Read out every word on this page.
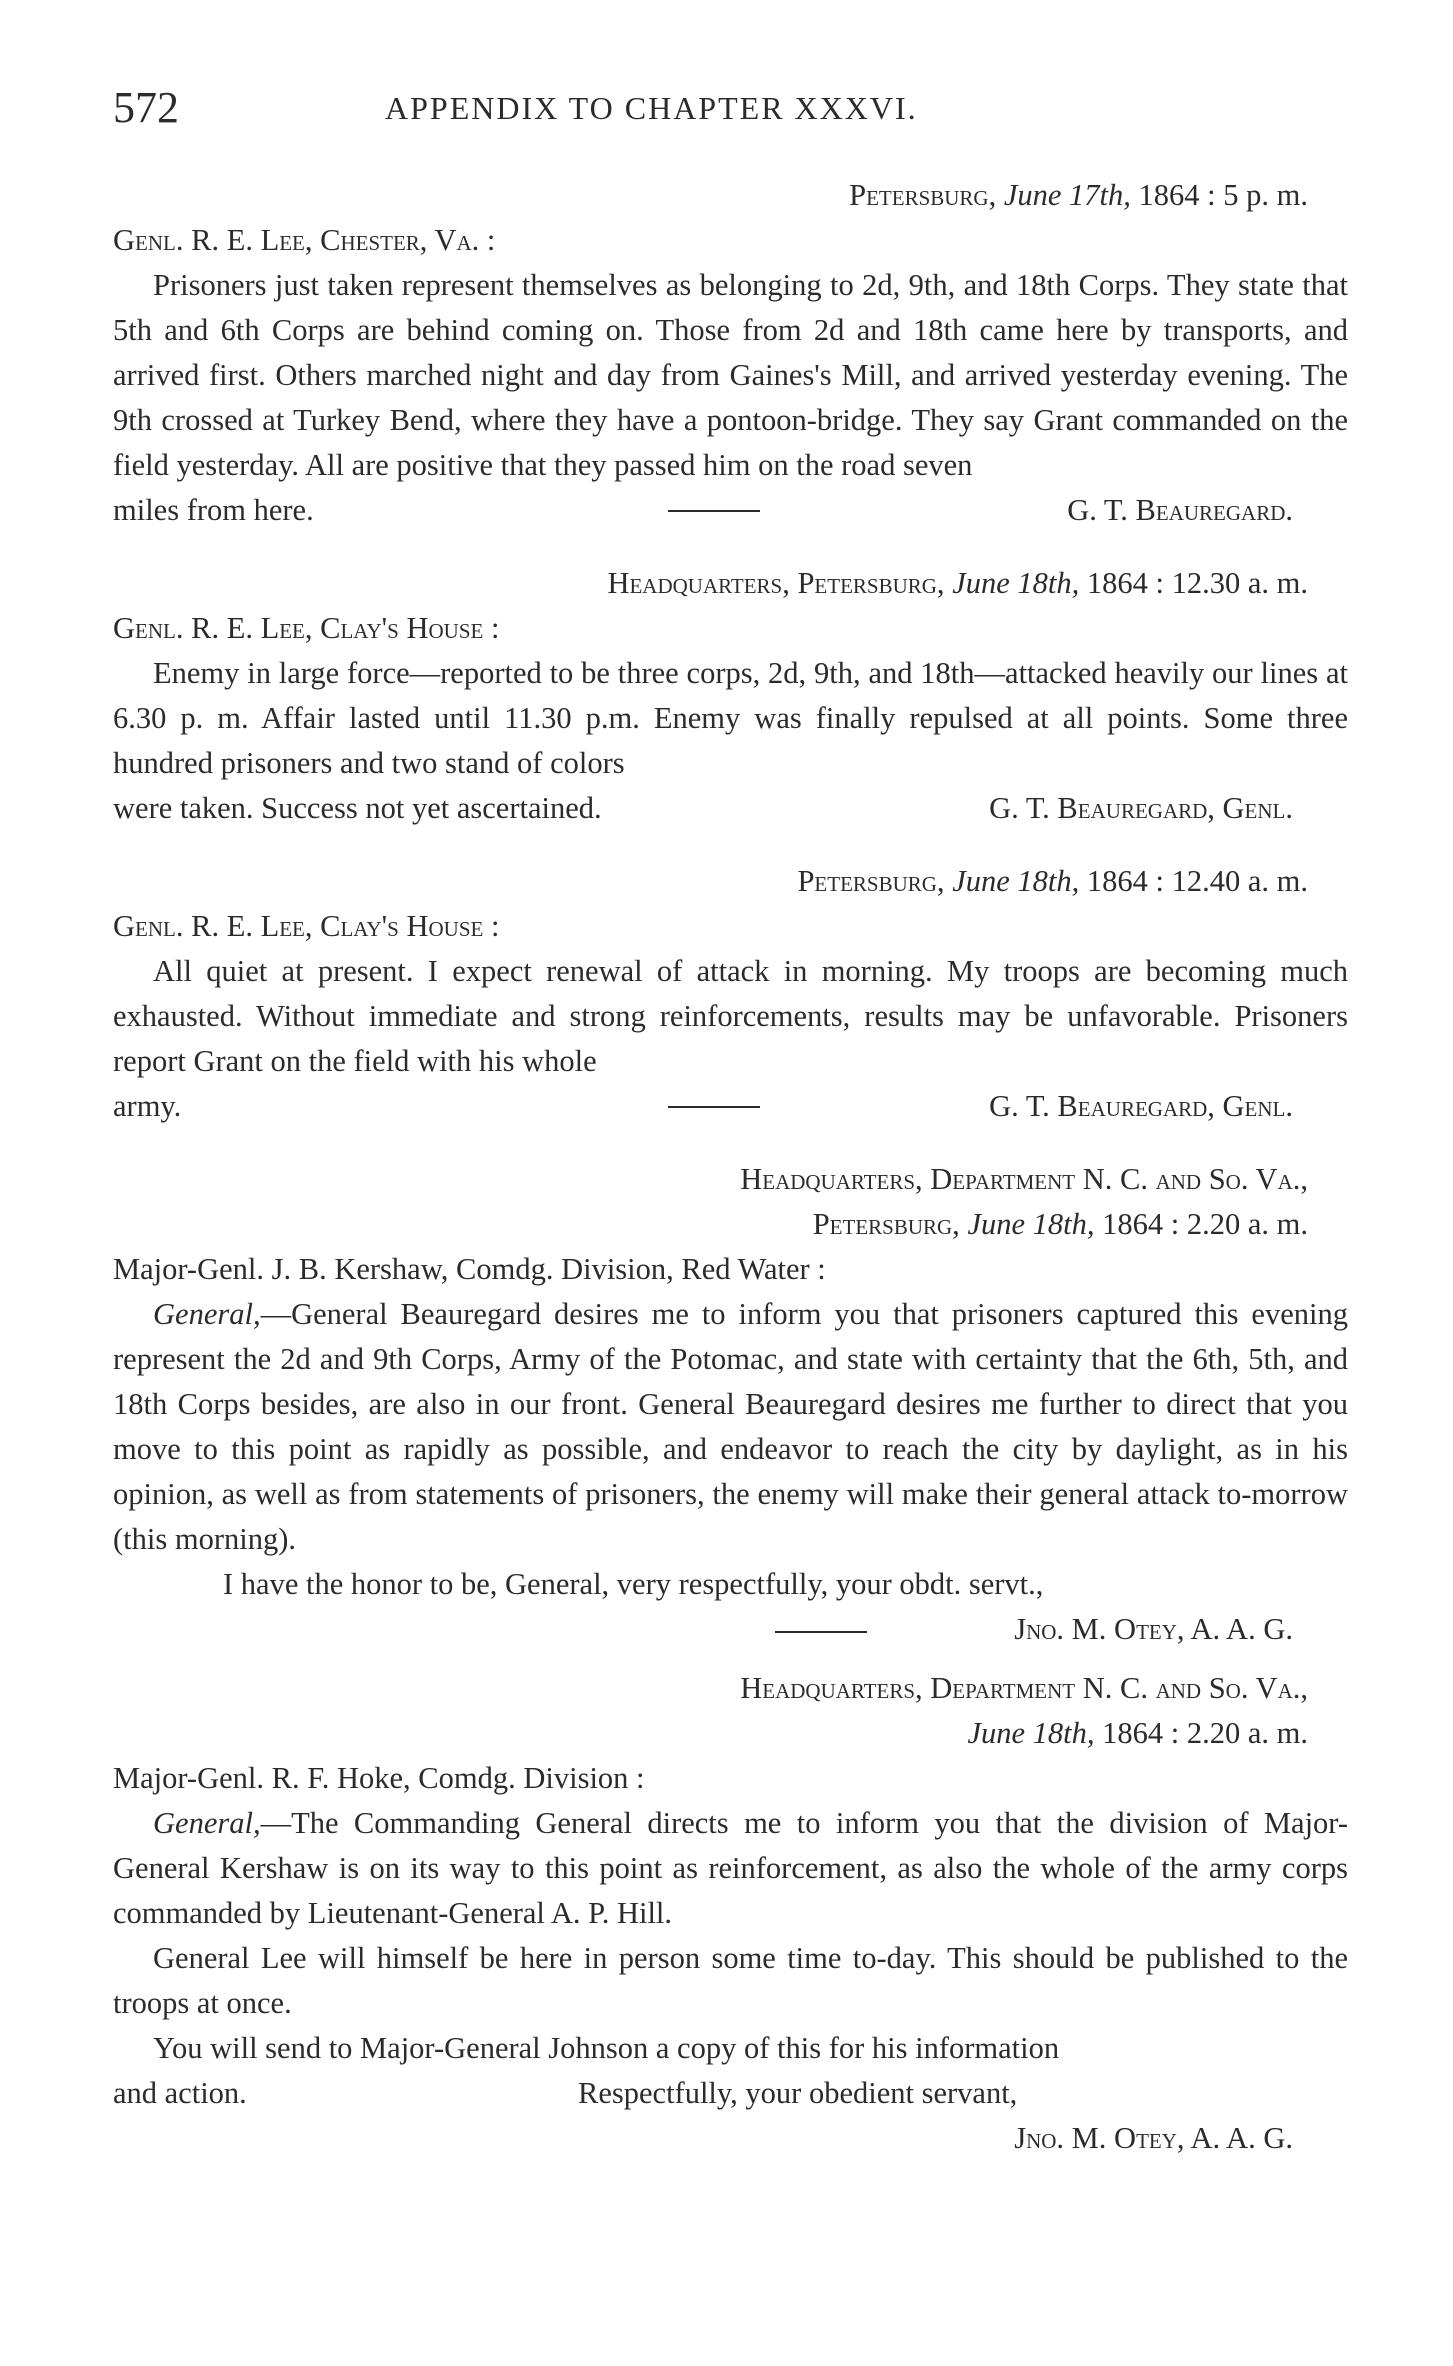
572	APPENDIX TO CHAPTER XXXVI.
Petersburg, June 17th, 1864 : 5 p. m.
Genl. R. E. Lee, Chester, Va. :
Prisoners just taken represent themselves as belonging to 2d, 9th, and 18th Corps. They state that 5th and 6th Corps are behind coming on. Those from 2d and 18th came here by transports, and arrived first. Others marched night and day from Gaines's Mill, and arrived yesterday evening. The 9th crossed at Turkey Bend, where they have a pontoon-bridge. They say Grant commanded on the field yesterday. All are positive that they passed him on the road seven
miles from here.	G. T. Beauregard.
Headquarters, Petersburg, June 18th, 1864 : 12.30 a. m.
Genl. R. E. Lee, Clay's House :
Enemy in large force—reported to be three corps, 2d, 9th, and 18th—attacked heavily our lines at 6.30 p. m. Affair lasted until 11.30 p.m. Enemy was finally repulsed at all points. Some three hundred prisoners and two stand of colors
were taken. Success not yet ascertained.	G. T. Beauregard, Genl.
Petersburg, June 18th, 1864 : 12.40 a. m.
Genl. R. E. Lee, Clay's House :
All quiet at present. I expect renewal of attack in morning. My troops are becoming much exhausted. Without immediate and strong reinforcements, results may be unfavorable. Prisoners report Grant on the field with his whole
army.	G. T. Beauregard, Genl.
Headquarters, Department N. C. and So. Va.,
Petersburg, June 18th, 1864 : 2.20 a. m.
Major-Genl. J. B. Kershaw, Comdg. Division, Red Water :
General,—General Beauregard desires me to inform you that prisoners captured this evening represent the 2d and 9th Corps, Army of the Potomac, and state with certainty that the 6th, 5th, and 18th Corps besides, are also in our front. General Beauregard desires me further to direct that you move to this point as rapidly as possible, and endeavor to reach the city by daylight, as in his opinion, as well as from statements of prisoners, the enemy will make their general attack to-morrow (this morning).
I have the honor to be, General, very respectfully, your obdt. servt.,
Jno. M. Otey, A. A. G.
Headquarters, Department N. C. and So. Va.,
June 18th, 1864 : 2.20 a. m.
Major-Genl. R. F. Hoke, Comdg. Division :
General,—The Commanding General directs me to inform you that the division of Major-General Kershaw is on its way to this point as reinforcement, as also the whole of the army corps commanded by Lieutenant-General A. P. Hill.
General Lee will himself be here in person some time to-day. This should be published to the troops at once.
You will send to Major-General Johnson a copy of this for his information
and action.	Respectfully, your obedient servant,
Jno. M. Otey, A. A. G.
